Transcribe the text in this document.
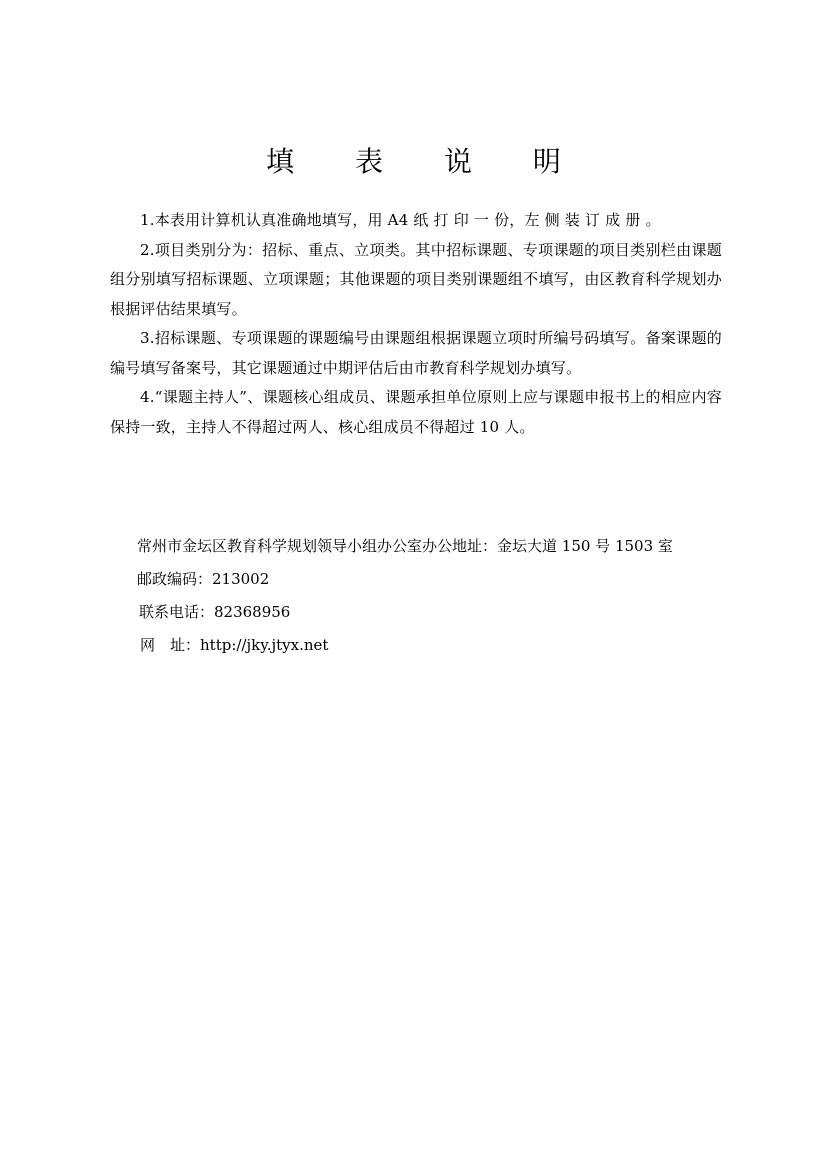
填 表 说 明

1.本表用计算机认真准确地填写，用 A4 纸 打 印 一 份，左 侧 装 订 成 册 。

2.项目类别分为：招标、重点、立项类。其中招标课题、专项课题的项目类别栏由课题组分别填写招标课题、立项课题；其他课题的项目类别课题组不填写，由区教育科学规划办根据评估结果填写。

3.招标课题、专项课题的课题编号由课题组根据课题立项时所编号码填写。备案课题的编号填写备案号，其它课题通过中期评估后由市教育科学规划办填写。

4.“课题主持人”、课题核心组成员、课题承担单位原则上应与课题申报书上的相应内容保持一致，主持人不得超过两人、核心组成员不得超过 10 人。

常州市金坛区教育科学规划领导小组办公室办公地址：金坛大道 150 号 1503 室

邮政编码：213002

联系电话：82368956

网　址：http://jky.jtyx.net
